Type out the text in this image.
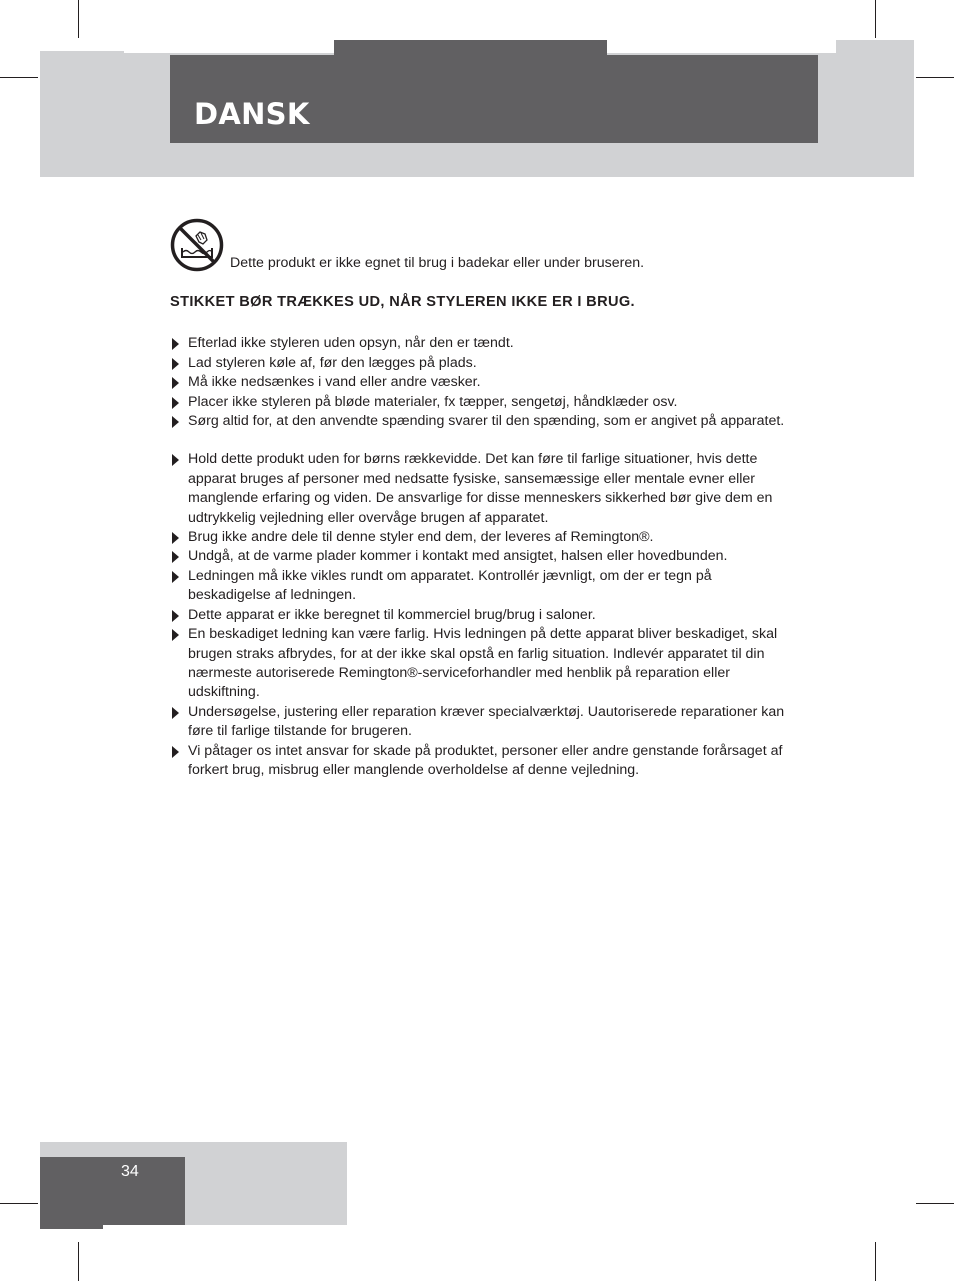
DANSK
Dette produkt er ikke egnet til brug i badekar eller under bruseren.

STIKKET BØR TRÆKKES UD, NÅR STYLEREN IKKE ER I BRUG.

Efterlad ikke styleren uden opsyn, når den er tændt.
Lad styleren køle af, før den lægges på plads.
Må ikke nedsænkes i vand eller andre væsker.
Placer ikke styleren på bløde materialer, fx tæpper, sengetøj, håndklæder osv.
Sørg altid for, at den anvendte spænding svarer til den spænding, som er angivet på apparatet.
Hold dette produkt uden for børns rækkevidde. Det kan føre til farlige situationer, hvis dette apparat bruges af personer med nedsatte fysiske, sansemæssige eller mentale evner eller manglende erfaring og viden. De ansvarlige for disse menneskers sikkerhed bør give dem en udtrykkelig vejledning eller overvåge brugen af apparatet.
Brug ikke andre dele til denne styler end dem, der leveres af Remington®.
Undgå, at de varme plader kommer i kontakt med ansigtet, halsen eller hovedbunden.
Ledningen må ikke vikles rundt om apparatet. Kontrollér jævnligt, om der er tegn på beskadigelse af ledningen.
Dette apparat er ikke beregnet til kommerciel brug/brug i saloner.
En beskadiget ledning kan være farlig. Hvis ledningen på dette apparat bliver beskadiget, skal brugen straks afbrydes, for at der ikke skal opstå en farlig situation. Indlevér apparatet til din nærmeste autoriserede Remington®-serviceforhandler med henblik på reparation eller udskiftning.
Undersøgelse, justering eller reparation kræver specialværktøj. Uautoriserede reparationer kan føre til farlige tilstande for brugeren.
Vi påtager os intet ansvar for skade på produktet, personer eller andre genstande forårsaget af forkert brug, misbrug eller manglende overholdelse af denne vejledning.
34
